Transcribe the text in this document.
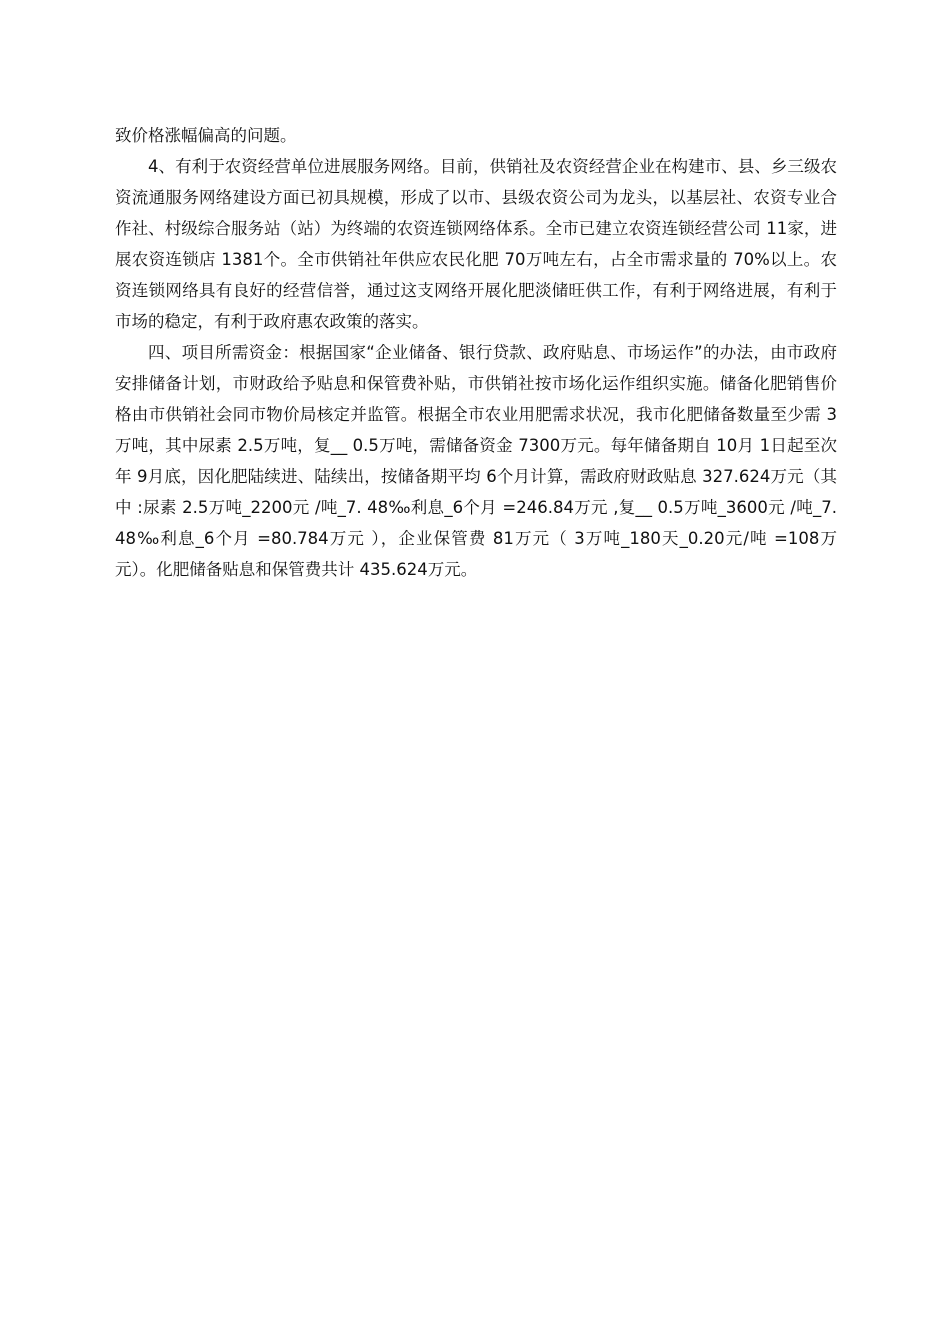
致价格涨幅偏高的问题。

4、有利于农资经营单位进展服务网络。目前，供销社及农资经营企业在构建市、县、乡三级农资流通服务网络建设方面已初具规模，形成了以市、县级农资公司为龙头，以基层社、农资专业合作社、村级综合服务站（站）为终端的农资连锁网络体系。全市已建立农资连锁经营公司 11家，进展农资连锁店 1381个。全市供销社年供应农民化肥 70万吨左右，占全市需求量的 70%以上。农资连锁网络具有良好的经营信誉，通过这支网络开展化肥淡储旺供工作，有利于网络进展，有利于市场的稳定，有利于政府惠农政策的落实。

四、项目所需资金：根据国家“企业储备、银行贷款、政府贴息、市场运作”的办法，由市政府安排储备计划，市财政给予贴息和保管费补贴，市供销社按市场化运作组织实施。储备化肥销售价格由市供销社会同市物价局核定并监管。根据全市农业用肥需求状况，我市化肥储备数量至少需 3万吨，其中尿素 2.5万吨，复__ 0.5万吨，需储备资金 7300万元。每年储备期自 10月 1日起至次年 9月底，因化肥陆续进、陆续出，按储备期平均 6个月计算，需政府财政贴息 327.624万元（其中 :尿素 2.5万吨_2200元 /吨_7. 48‰利息_6个月 =246.84万元 ,复__ 0.5万吨_3600元 /吨_7.48‰利息_6个月 =80.784万元 ），企业保管费 81万元（ 3万吨_180天_0.20元/吨 =108万元）。化肥储备贴息和保管费共计 435.624万元。
